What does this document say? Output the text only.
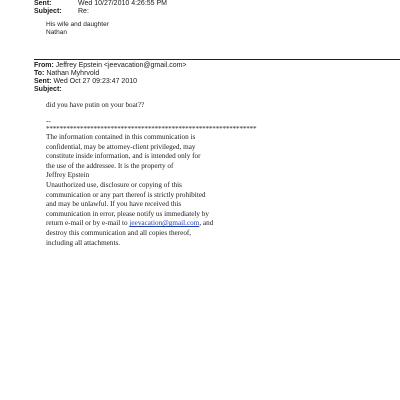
Sent:	Wed 10/27/2010 4:26:55 PM
Subject: Re:
His wife and daughter
Nathan
From: Jeffrey Epstein <jeevacation@gmail.com>
To: Nathan Myhrvold
Sent: Wed Oct 27 09:23:47 2010
Subject:
did you have putin on your boat??
--
**************************************************************
The information contained in this communication is
confidential, may be attorney-client privileged, may
constitute inside information, and is intended only for
the use of the addressee. It is the property of
Jeffrey Epstein
Unauthorized use, disclosure or copying of this
communication or any part thereof is strictly prohibited
and may be unlawful. If you have received this
communication in error, please notify us immediately by
return e-mail or by e-mail to jeevacation@gmail.com, and
destroy this communication and all copies thereof,
including all attachments.
